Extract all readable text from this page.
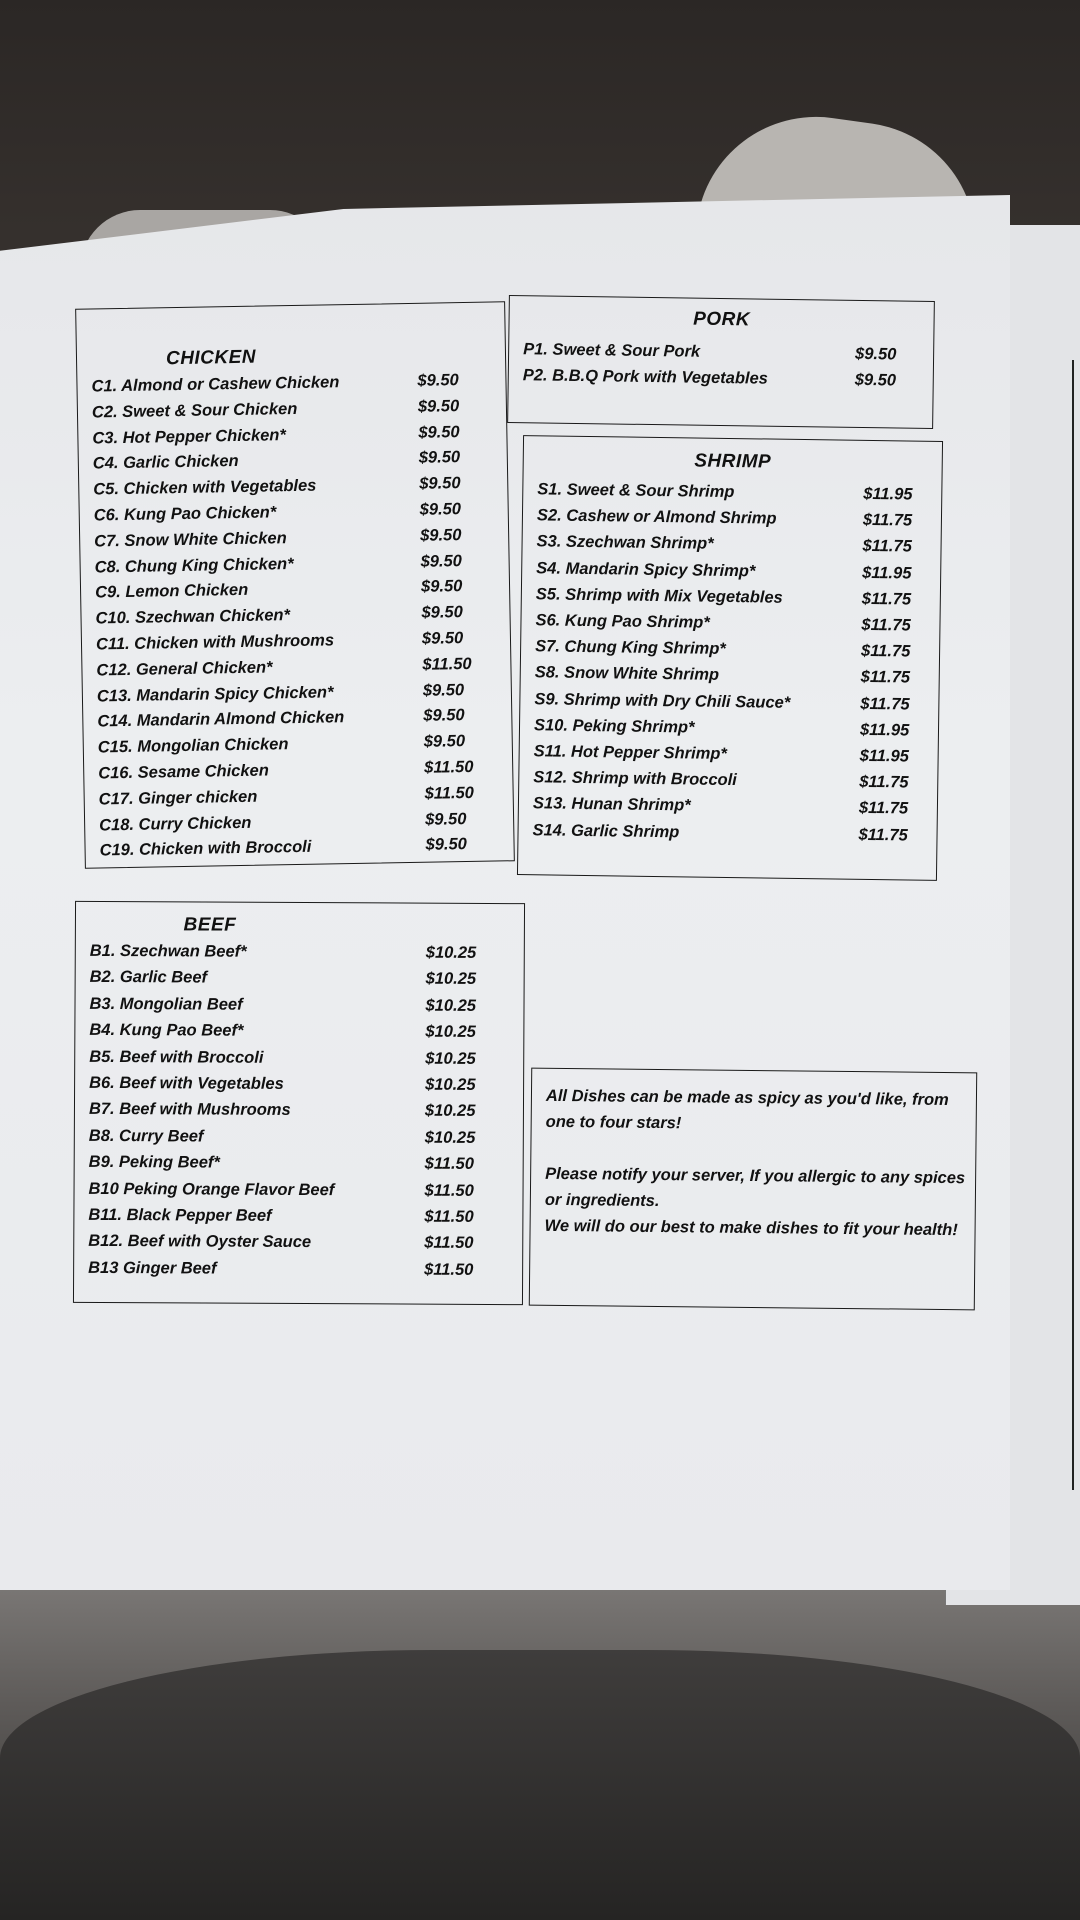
CHICKEN
C1. Almond or Cashew Chicken	$9.50
C2. Sweet & Sour Chicken	$9.50
C3. Hot Pepper Chicken*	$9.50
C4. Garlic Chicken	$9.50
C5. Chicken with Vegetables	$9.50
C6. Kung Pao Chicken*	$9.50
C7. Snow White Chicken	$9.50
C8. Chung King Chicken*	$9.50
C9. Lemon Chicken	$9.50
C10. Szechwan Chicken*	$9.50
C11. Chicken with Mushrooms	$9.50
C12. General Chicken*	$11.50
C13. Mandarin Spicy Chicken*	$9.50
C14. Mandarin Almond Chicken	$9.50
C15. Mongolian Chicken	$9.50
C16. Sesame Chicken	$11.50
C17. Ginger chicken	$11.50
C18. Curry Chicken	$9.50
C19. Chicken with Broccoli	$9.50
PORK
P1. Sweet & Sour Pork	$9.50
P2. B.B.Q Pork with Vegetables	$9.50
SHRIMP
S1. Sweet & Sour Shrimp	$11.95
S2. Cashew or Almond Shrimp	$11.75
S3. Szechwan Shrimp*	$11.75
S4. Mandarin Spicy Shrimp*	$11.95
S5. Shrimp with Mix Vegetables	$11.75
S6. Kung Pao Shrimp*	$11.75
S7. Chung King Shrimp*	$11.75
S8. Snow White Shrimp	$11.75
S9. Shrimp with Dry Chili Sauce*	$11.75
S10. Peking Shrimp*	$11.95
S11. Hot Pepper Shrimp*	$11.95
S12. Shrimp with Broccoli	$11.75
S13. Hunan Shrimp*	$11.75
S14. Garlic Shrimp	$11.75
BEEF
B1. Szechwan Beef*	$10.25
B2. Garlic Beef	$10.25
B3. Mongolian Beef	$10.25
B4. Kung Pao Beef*	$10.25
B5. Beef with Broccoli	$10.25
B6. Beef with Vegetables	$10.25
B7. Beef with Mushrooms	$10.25
B8. Curry Beef	$10.25
B9. Peking Beef*	$11.50
B10 Peking Orange Flavor Beef	$11.50
B11. Black Pepper Beef	$11.50
B12. Beef with Oyster Sauce	$11.50
B13 Ginger Beef	$11.50
All Dishes can be made as spicy as you'd like, from one to four stars!
Please notify your server, If you allergic to any spices or ingredients.
We will do our best to make dishes to fit your health!
